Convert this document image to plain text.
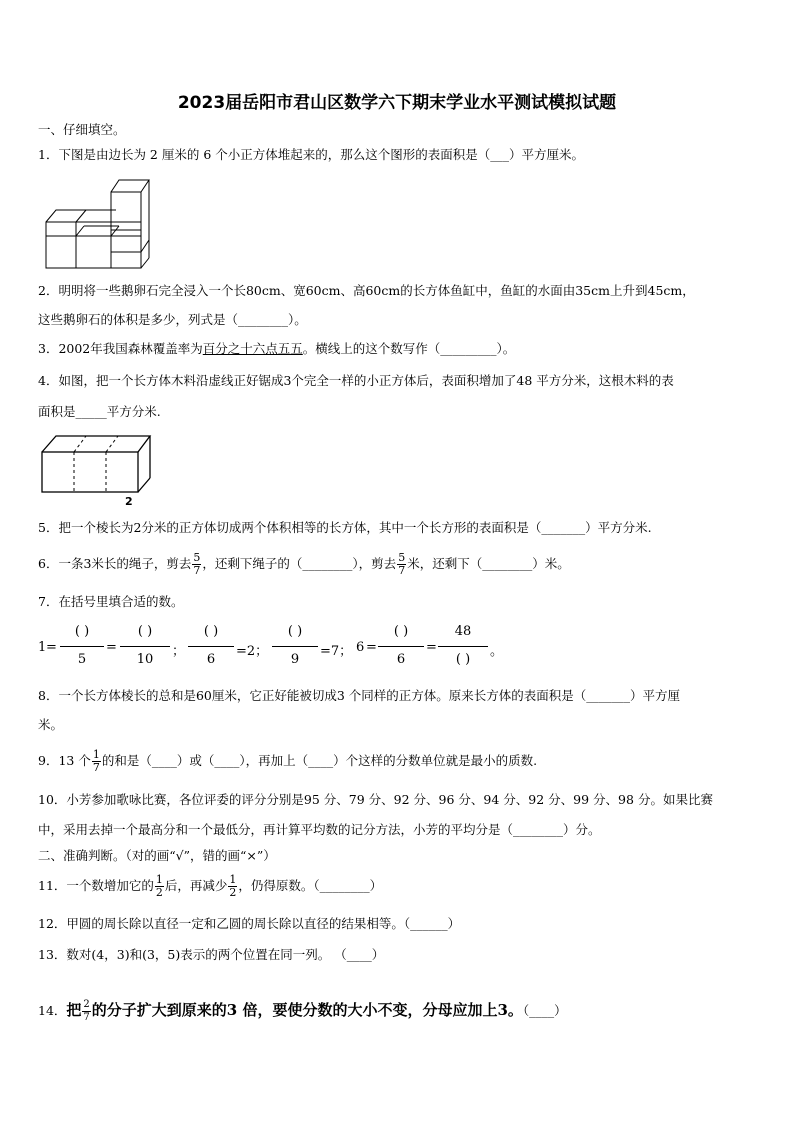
2023届岳阳市君山区数学六下期末学业水平测试模拟试题
一、仔细填空。
1．下图是由边长为 2 厘米的 6 个小正方体堆起来的，那么这个图形的表面积是（___）平方厘米。
2．明明将一些鹅卵石完全浸入一个长80cm、宽60cm、高60cm的长方体鱼缸中，鱼缸的水面由35cm上升到45cm，
这些鹅卵石的体积是多少，列式是（________）。
3．2002年我国森林覆盖率为百分之十六点五五。横线上的这个数写作（_________）。
4．如图，把一个长方体木料沿虚线正好锯成3个完全一样的小正方体后，表面积增加了48 平方分米，这根木料的表
面积是_____平方分米.
2
5．把一个棱长为2分米的正方体切成两个体积相等的长方体，其中一个长方形的表面积是（_______）平方分米.
6．一条3米长的绳子，剪去 $\frac{5}{7}$ ，还剩下绳子的（________），剪去 $\frac{5}{7}$ 米，还剩下（________）米。
7．在括号里填合适的数。
1 =
( )
5
=
( )
10
；
( )
6
=2；
( )
9
=7； 6 =
( )
6
=
48
( )
。
8．一个长方体棱长的总和是60厘米，它正好能被切成3 个同样的正方体。原来长方体的表面积是（_______）平方厘
米。
9．13 个 $\frac{1}{7}$ 的和是（____）或（____），再加上（____）个这样的分数单位就是最小的质数.
10．小芳参加歌咏比赛，各位评委的评分分别是95 分、79 分、92 分、96 分、94 分、92 分、99 分、98 分。如果比赛
中，采用去掉一个最高分和一个最低分，再计算平均数的记分方法，小芳的平均分是（________）分。
二、准确判断。（对的画“√”，错的画“×”）
11．一个数增加它的 $\frac{1}{2}$ 后，再减少 $\frac{1}{2}$ ，仍得原数。（________）
12．甲圆的周长除以直径一定和乙圆的周长除以直径的结果相等。（______）
13．数对(4，3)和(3，5)表示的两个位置在同一列。 （____）
14．把 $\frac{2}{7}$ 的分子扩大到原来的3 倍，要使分数的大小不变，分母应加上3。（____）
